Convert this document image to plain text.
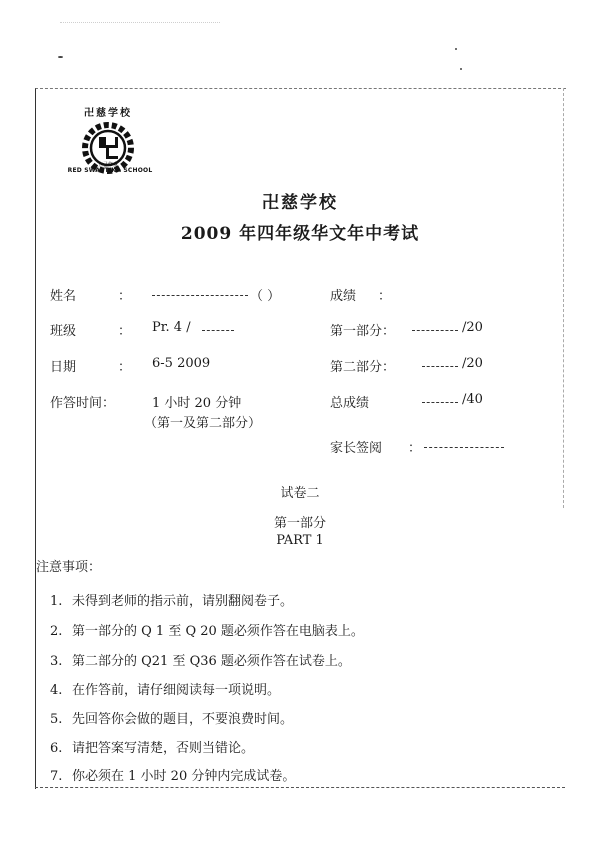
卍慈学校
立己修身
RED SWASTIKA SCHOOL
卍慈学校
2009 年四年级华文年中考试
姓名	：	（ ）	成绩 ：
班级	： Pr. 4 /	第一部分：	/20
日期	： 6-5 2009	第二部分：	/20
作答时间：	1 小时 20 分钟
（第一及第二部分）
总成绩	/40
家长签阅 ：
试卷二
第一部分
PART 1
注意事项：
1. 未得到老师的指示前，请别翻阅卷子。
2. 第一部分的 Q 1 至 Q 20 题必须作答在电脑表上。
3. 第二部分的 Q21 至 Q36 题必须作答在试卷上。
4. 在作答前，请仔细阅读每一项说明。
5. 先回答你会做的题目，不要浪费时间。
6. 请把答案写清楚，否则当错论。
7. 你必须在 1 小时 20 分钟内完成试卷。
